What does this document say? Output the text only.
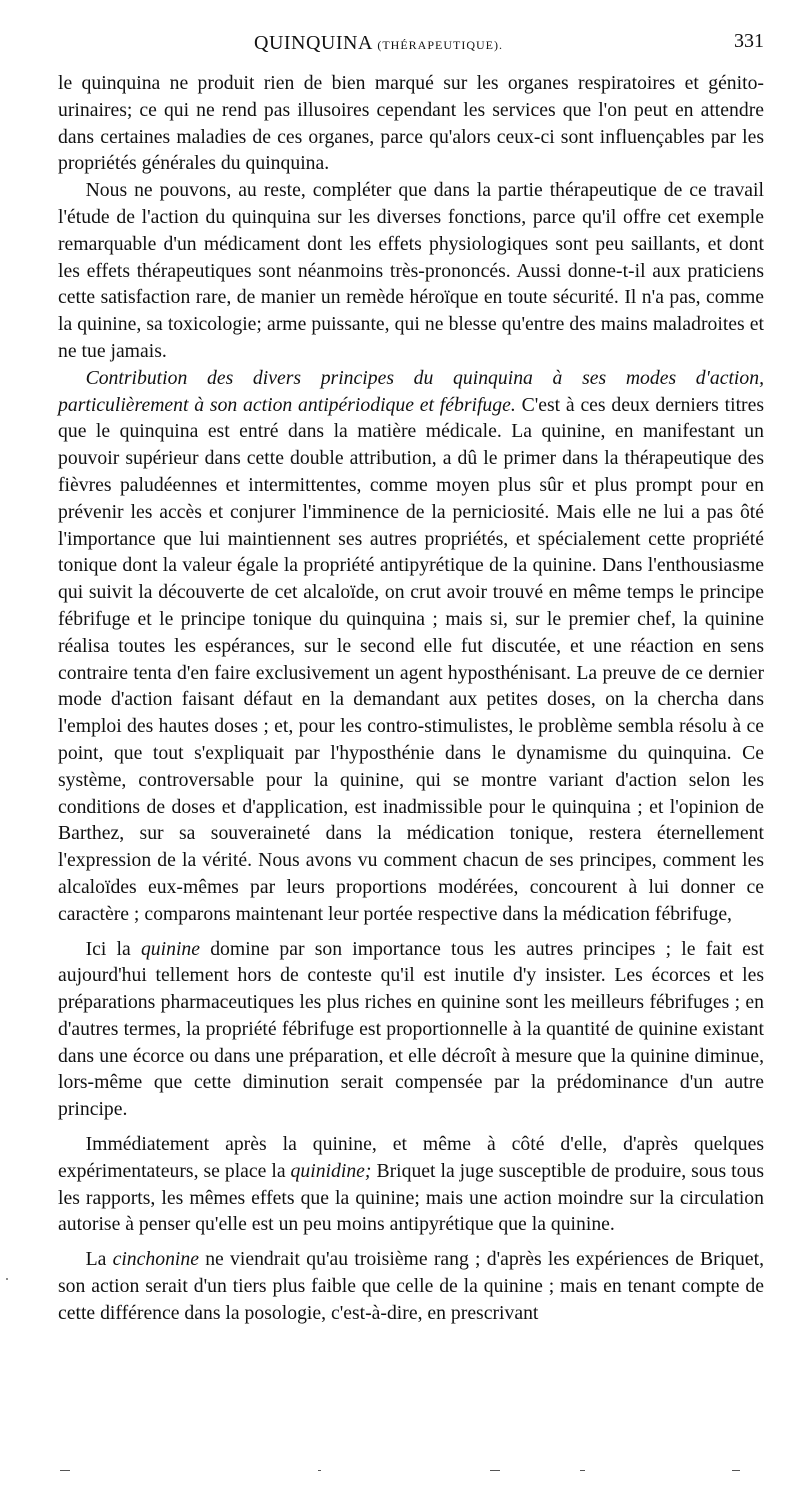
QUINQUINA (THÉRAPEUTIQUE).	331

le quinquina ne produit rien de bien marqué sur les organes respiratoires et génito-urinaires; ce qui ne rend pas illusoires cependant les services que l'on peut en attendre dans certaines maladies de ces organes, parce qu'alors ceux-ci sont influençables par les propriétés générales du quinquina.

Nous ne pouvons, au reste, compléter que dans la partie thérapeutique de ce travail l'étude de l'action du quinquina sur les diverses fonctions, parce qu'il offre cet exemple remarquable d'un médicament dont les effets physiologiques sont peu saillants, et dont les effets thérapeutiques sont néanmoins très-prononcés. Aussi donne-t-il aux praticiens cette satisfaction rare, de manier un remède héroïque en toute sécurité. Il n'a pas, comme la quinine, sa toxicologie; arme puissante, qui ne blesse qu'entre des mains maladroites et ne tue jamais.

Contribution des divers principes du quinquina à ses modes d'action, particulièrement à son action antipériodique et fébrifuge. C'est à ces deux derniers titres que le quinquina est entré dans la matière médicale. La quinine, en manifestant un pouvoir supérieur dans cette double attribution, a dû le primer dans la thérapeutique des fièvres paludéennes et intermittentes, comme moyen plus sûr et plus prompt pour en prévenir les accès et conjurer l'imminence de la perniciosité. Mais elle ne lui a pas ôté l'importance que lui maintiennent ses autres propriétés, et spécialement cette propriété tonique dont la valeur égale la propriété antipyrétique de la quinine. Dans l'enthousiasme qui suivit la découverte de cet alcaloïde, on crut avoir trouvé en même temps le principe fébrifuge et le principe tonique du quinquina ; mais si, sur le premier chef, la quinine réalisa toutes les espérances, sur le second elle fut discutée, et une réaction en sens contraire tenta d'en faire exclusivement un agent hyposthénisant. La preuve de ce dernier mode d'action faisant défaut en la demandant aux petites doses, on la chercha dans l'emploi des hautes doses ; et, pour les contro-stimulistes, le problème sembla résolu à ce point, que tout s'expliquait par l'hyposthénie dans le dynamisme du quinquina. Ce système, controversable pour la quinine, qui se montre variant d'action selon les conditions de doses et d'application, est inadmissible pour le quinquina ; et l'opinion de Barthez, sur sa souveraineté dans la médication tonique, restera éternellement l'expression de la vérité. Nous avons vu comment chacun de ses principes, comment les alcaloïdes eux-mêmes par leurs proportions modérées, concourent à lui donner ce caractère ; comparons maintenant leur portée respective dans la médication fébrifuge,

Ici la quinine domine par son importance tous les autres principes ; le fait est aujourd'hui tellement hors de conteste qu'il est inutile d'y insister. Les écorces et les préparations pharmaceutiques les plus riches en quinine sont les meilleurs fébrifuges ; en d'autres termes, la propriété fébrifuge est proportionnelle à la quantité de quinine existant dans une écorce ou dans une préparation, et elle décroît à mesure que la quinine diminue, lors-même que cette diminution serait compensée par la prédominance d'un autre principe.

Immédiatement après la quinine, et même à côté d'elle, d'après quelques expérimentateurs, se place la quinidine; Briquet la juge susceptible de produire, sous tous les rapports, les mêmes effets que la quinine; mais une action moindre sur la circulation autorise à penser qu'elle est un peu moins antipyrétique que la quinine.

La cinchonine ne viendrait qu'au troisième rang ; d'après les expériences de Briquet, son action serait d'un tiers plus faible que celle de la quinine ; mais en tenant compte de cette différence dans la posologie, c'est-à-dire, en prescrivant
